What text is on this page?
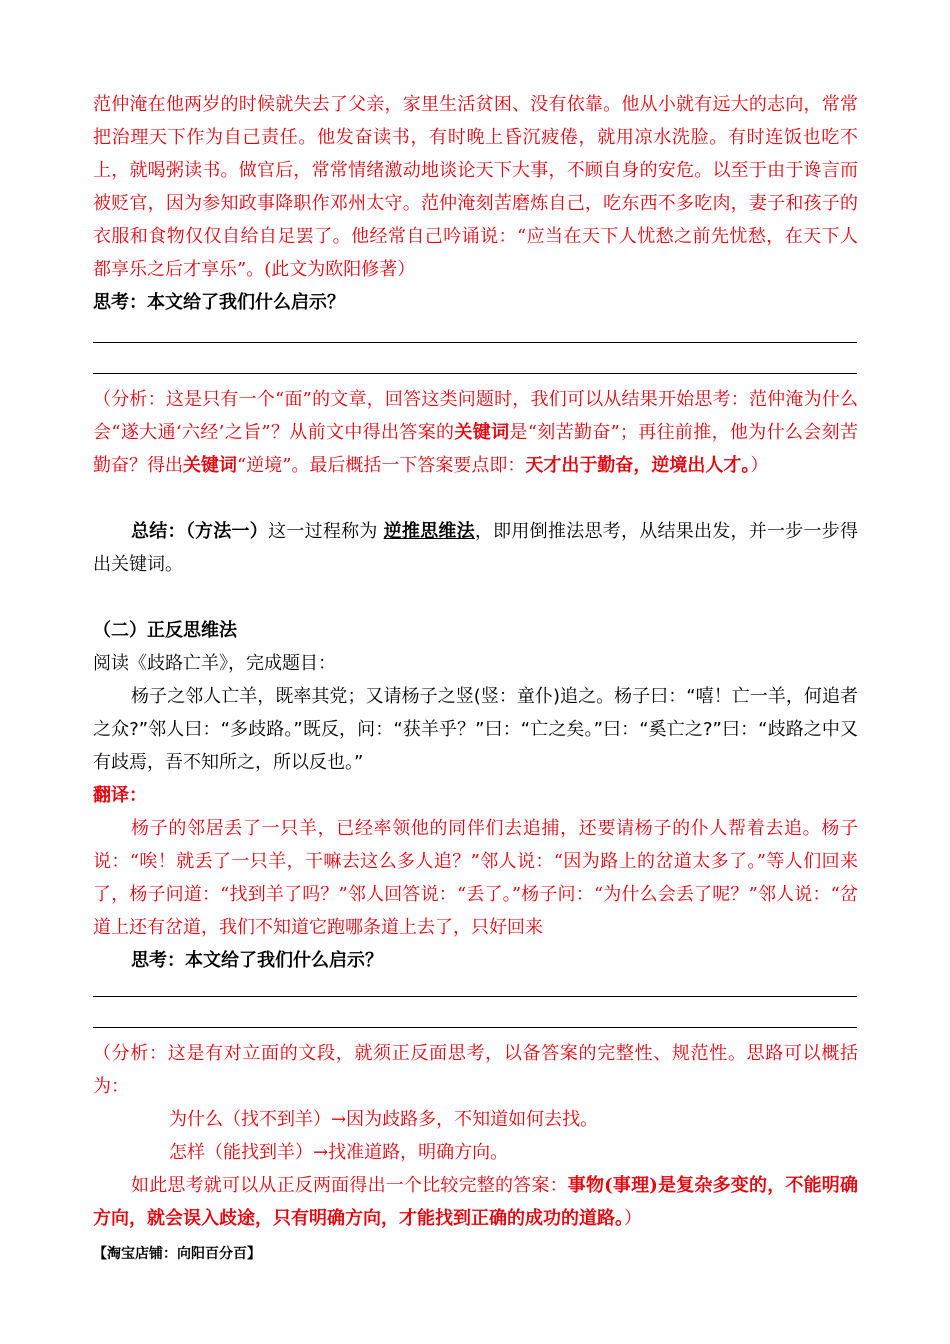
范仲淹在他两岁的时候就失去了父亲，家里生活贫困、没有依靠。他从小就有远大的志向，常常把治理天下作为自己责任。他发奋读书，有时晚上昏沉疲倦，就用凉水洗脸。有时连饭也吃不上，就喝粥读书。做官后，常常情绪激动地谈论天下大事，不顾自身的安危。以至于由于谗言而被贬官，因为参知政事降职作邓州太守。范仲淹刻苦磨炼自己，吃东西不多吃肉，妻子和孩子的衣服和食物仅仅自给自足罢了。他经常自己吟诵说：“应当在天下人忧愁之前先忧愁，在天下人都享乐之后才享乐”。(此文为欧阳修著）

思考：本文给了我们什么启示？

（分析：这是只有一个“面”的文章，回答这类问题时，我们可以从结果开始思考：范仲淹为什么会“遂大通‘六经’之旨”？从前文中得出答案的关键词是“刻苦勤奋”；再往前推，他为什么会刻苦勤奋？得出关键词“逆境”。最后概括一下答案要点即：天才出于勤奋，逆境出人才。）

总结：（方法一）这一过程称为 逆推思维法，即用倒推法思考，从结果出发，并一步一步得出关键词。

（二）正反思维法

阅读《歧路亡羊》，完成题目：

杨子之邻人亡羊，既率其党；又请杨子之竖(竖：童仆)追之。杨子曰：“嘻！亡一羊，何追者之众?”邻人曰：“多歧路。”既反，问：“获羊乎？”曰：“亡之矣。”曰：“奚亡之?”曰：“歧路之中又有歧焉，吾不知所之，所以反也。”

翻译：

杨子的邻居丢了一只羊，已经率领他的同伴们去追捕，还要请杨子的仆人帮着去追。杨子说：“唉！就丢了一只羊，干嘛去这么多人追？”邻人说：“因为路上的岔道太多了。”等人们回来了，杨子问道：“找到羊了吗？”邻人回答说：“丢了。”杨子问：“为什么会丢了呢？”邻人说：“岔道上还有岔道，我们不知道它跑哪条道上去了，只好回来

思考：本文给了我们什么启示？

（分析：这是有对立面的文段，就须正反面思考，以备答案的完整性、规范性。思路可以概括为：

为什么（找不到羊）→因为歧路多，不知道如何去找。

怎样（能找到羊）→找准道路，明确方向。

如此思考就可以从正反两面得出一个比较完整的答案：事物(事理)是复杂多变的，不能明确方向，就会误入歧途，只有明确方向，才能找到正确的成功的道路。）

【淘宝店铺：向阳百分百】
